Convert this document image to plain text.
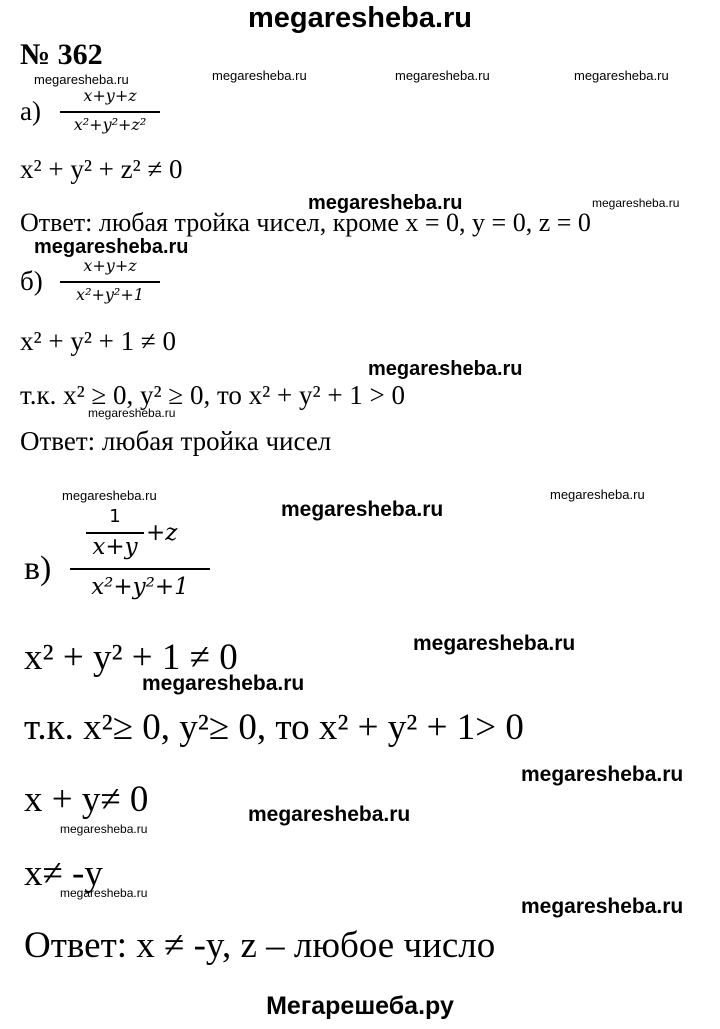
megaresheba.ru
№ 362
megaresheba.ru	megaresheba.ru	megaresheba.ru	megaresheba.ru
megaresheba.ru	megaresheba.ru
megaresheba.ru
megaresheba.ru
megaresheba.ru
megaresheba.ru	megaresheba.ru
megaresheba.ru
megaresheba.ru
megaresheba.ru
megaresheba.ru
megaresheba.ru
megaresheba.ru
megaresheba.ru
megaresheba.ru
а)
x+y+z
x²+y²+z²
x² + y² + z² ≠ 0
Ответ: любая тройка чисел, кроме x = 0, y = 0, z = 0
б)
x+y+z
x²+y²+1
x² + y² + 1 ≠ 0
т.к. x² ≥ 0, y² ≥ 0, то x² + y² + 1 > 0
Ответ: любая тройка чисел
в)
1
x+y
+z
x²+y²+1
x² + y² + 1 ≠ 0
т.к. x²≥ 0, y²≥ 0, то x² + y² + 1> 0
x + y≠ 0
x≠ -y
Ответ: x ≠ -y, z – любое число
Мегарешеба.ру
